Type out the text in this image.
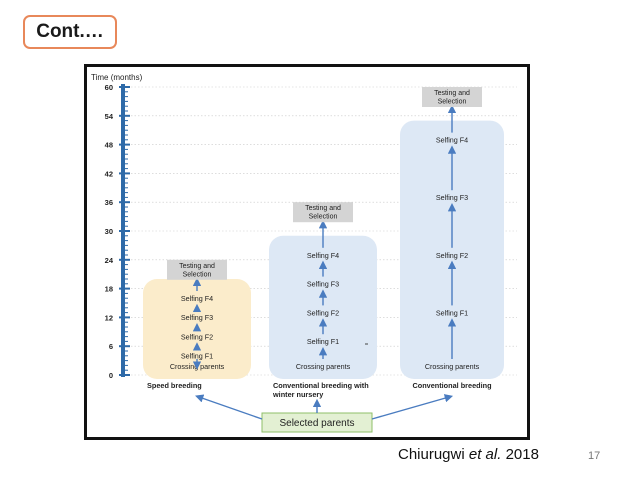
Cont.…
Time (months)
0
6
12
18
24
30
36
42
48
54
60
Crossing parents
Selfing F1
Selfing F2
Selfing F3
Selfing F4
Testing and
Selection
Speed breeding
Crossing parents
Selfing F1
Selfing F2
Selfing F3
Selfing F4
Testing and
Selection
Conventional breeding with
winter nursery
Crossing parents
Selfing F1
Selfing F2
Selfing F3
Selfing F4
Testing and
Selection
Conventional breeding
Selected parents
Chiurugwi et al. 2018	17
